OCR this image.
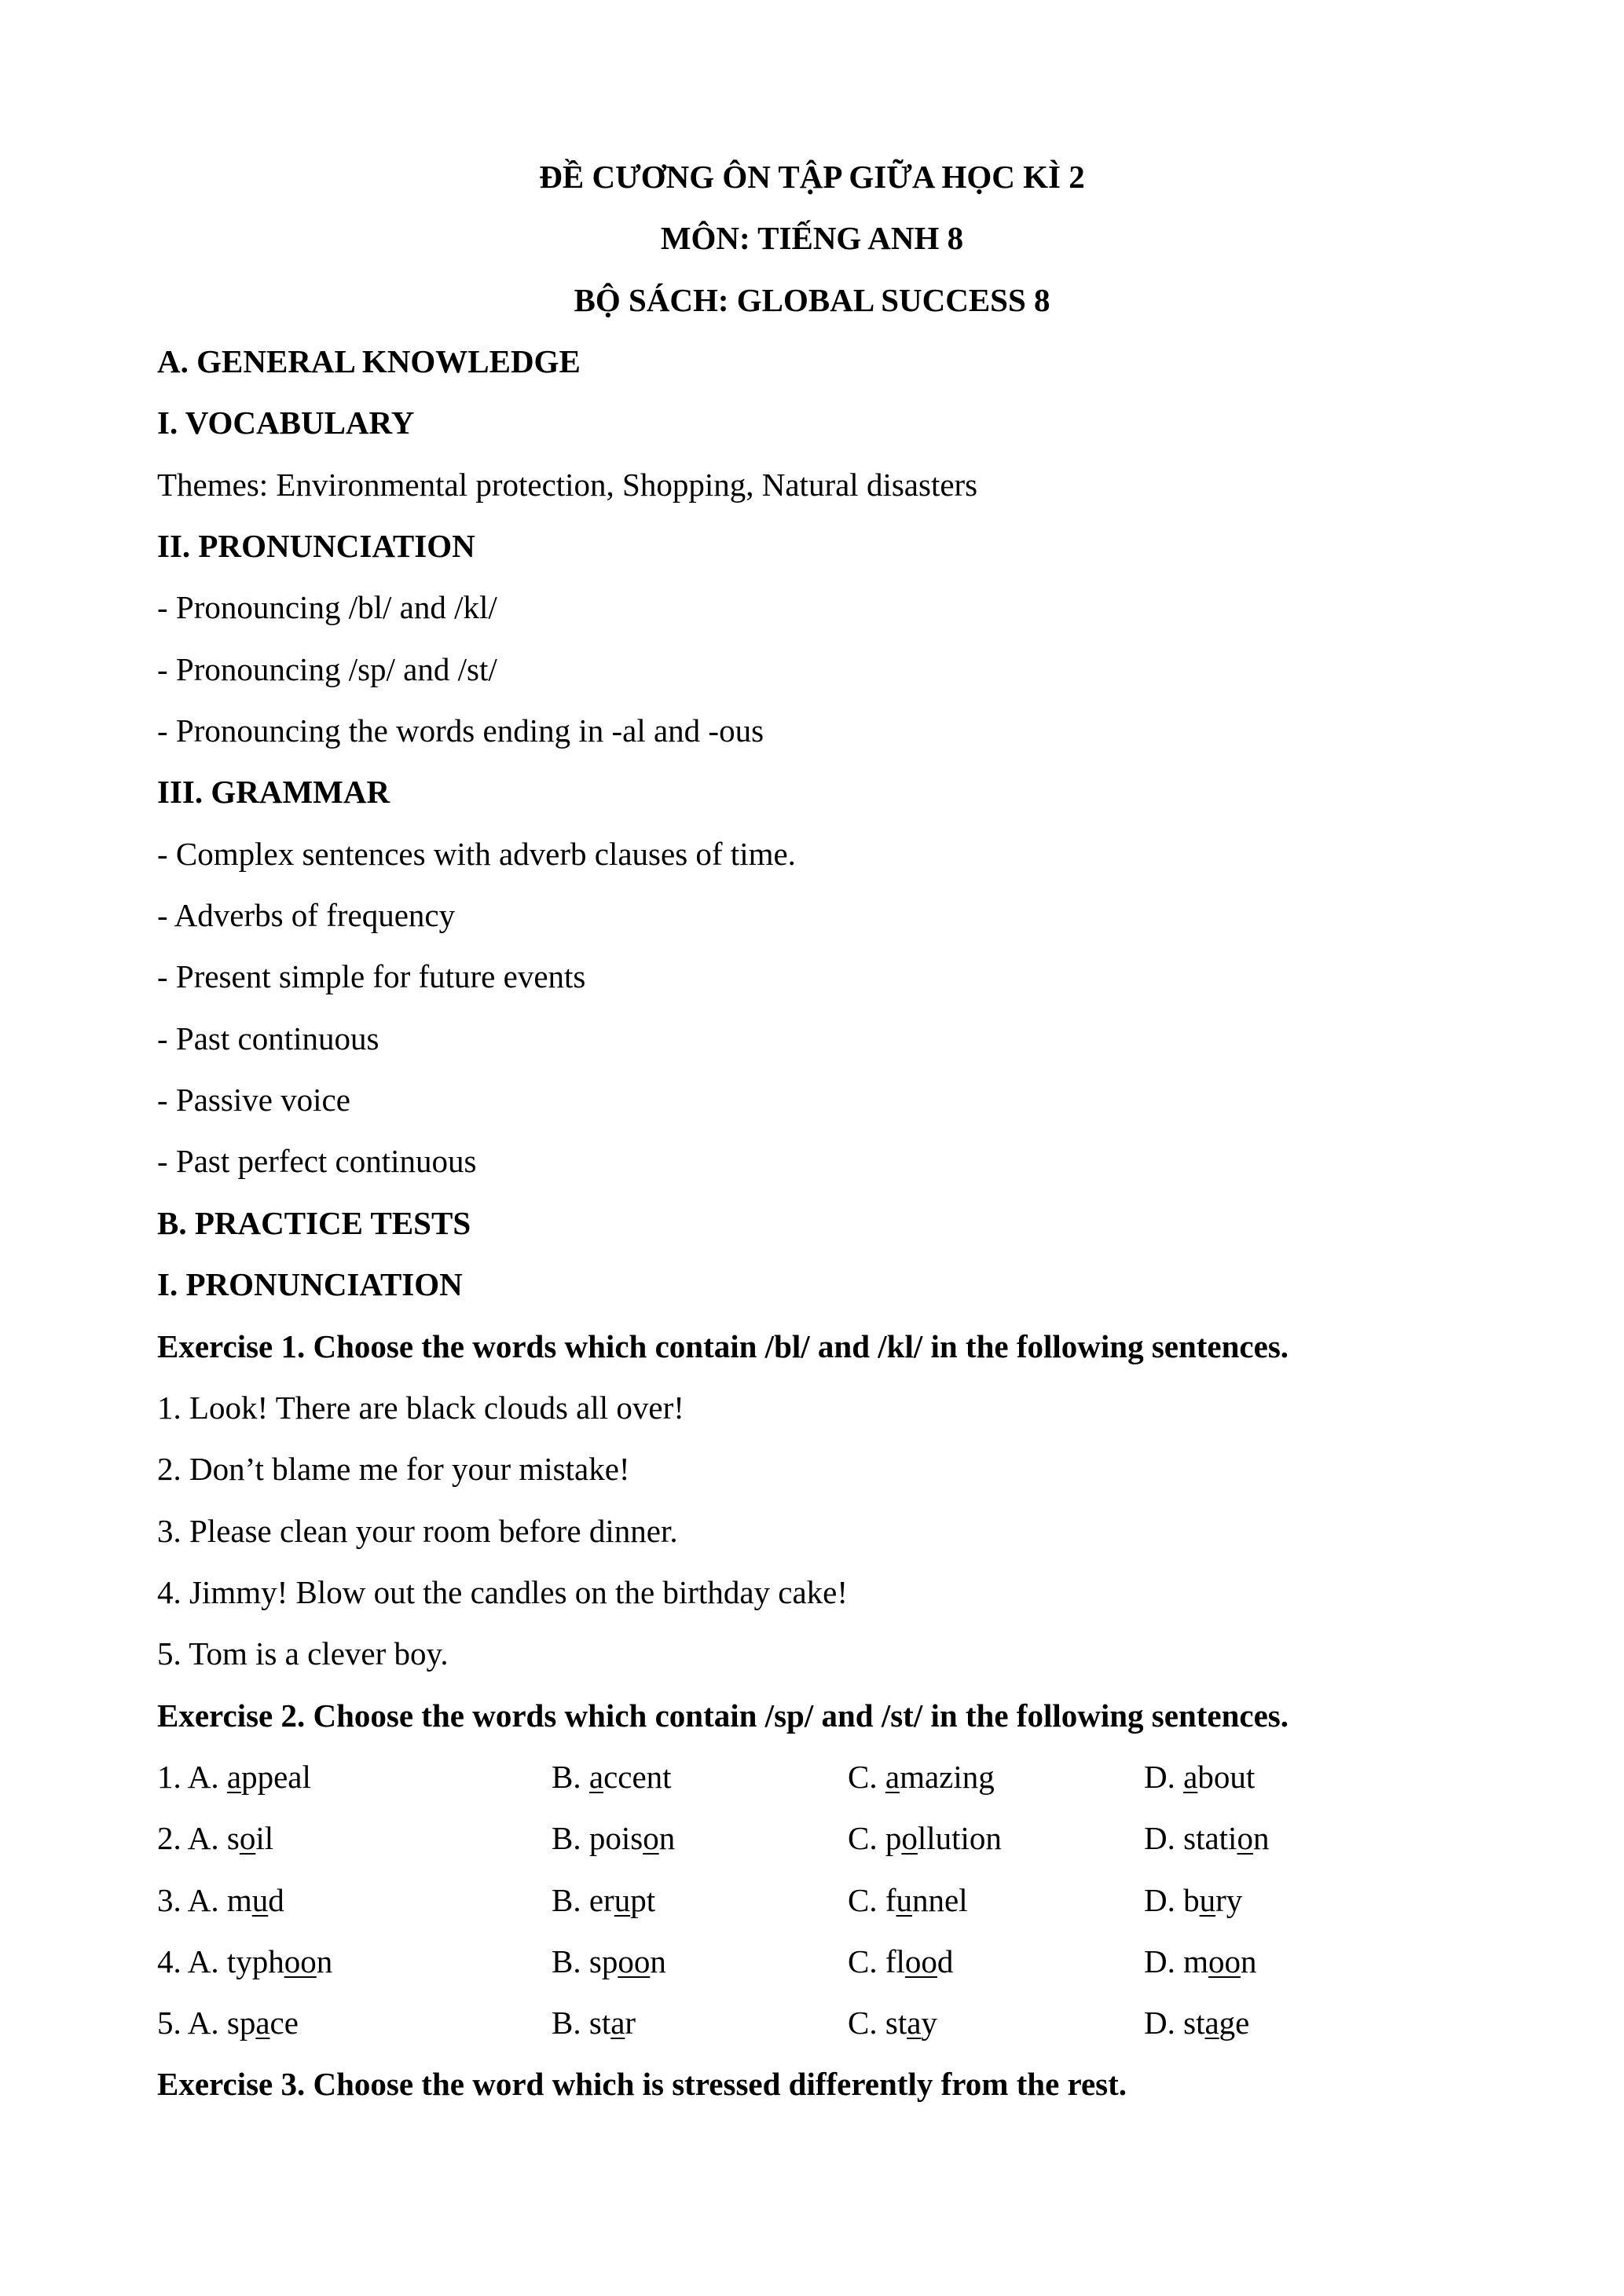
ĐỀ CƯƠNG ÔN TẬP GIỮA HỌC KÌ 2
MÔN: TIẾNG ANH 8
BỘ SÁCH: GLOBAL SUCCESS 8
A. GENERAL KNOWLEDGE
I. VOCABULARY
Themes: Environmental protection, Shopping, Natural disasters
II. PRONUNCIATION
- Pronouncing /bl/ and /kl/
- Pronouncing /sp/ and /st/
- Pronouncing the words ending in -al and -ous
III. GRAMMAR
- Complex sentences with adverb clauses of time.
- Adverbs of frequency
- Present simple for future events
- Past continuous
- Passive voice
- Past perfect continuous
B. PRACTICE TESTS
I. PRONUNCIATION
Exercise 1. Choose the words which contain /bl/ and /kl/ in the following sentences.
1. Look! There are black clouds all over!
2. Don’t blame me for your mistake!
3. Please clean your room before dinner.
4. Jimmy! Blow out the candles on the birthday cake!
5. Tom is a clever boy.
Exercise 2. Choose the words which contain /sp/ and /st/ in the following sentences.
1. A. appeal	B. accent	C. amazing	D. about
2. A. soil	B. poison	C. pollution	D. station
3. A. mud	B. erupt	C. funnel	D. bury
4. A. typhoon	B. spoon	C. flood	D. moon
5. A. space	B. star	C. stay	D. stage
Exercise 3. Choose the word which is stressed differently from the rest.
